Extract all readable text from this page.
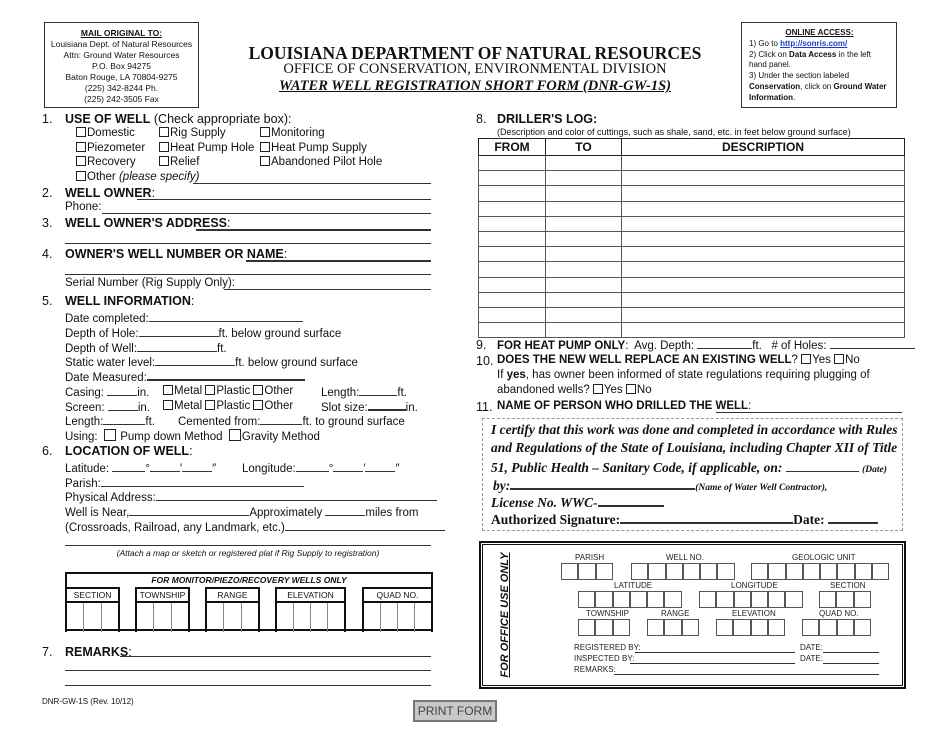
MAIL ORIGINAL TO:
Louisiana Dept. of Natural Resources
Attn: Ground Water Resources
P.O. Box 94275
Baton Rouge, LA 70804-9275
(225) 342-8244 Ph.
(225) 242-3505 Fax
LOUISIANA DEPARTMENT OF NATURAL RESOURCES
OFFICE OF CONSERVATION, ENVIRONMENTAL DIVISION
WATER WELL REGISTRATION SHORT FORM (DNR-GW-1S)
ONLINE ACCESS:
1) Go to http://sonris.com/
2) Click on Data Access in the left hand panel.
3) Under the section labeled Conservation, click on Ground Water Information.
1. USE OF WELL (Check appropriate box):
Domestic	Rig Supply	Monitoring
Piezometer	Heat Pump Hole	Heat Pump Supply
Recovery	Relief	Abandoned Pilot Hole
Other (please specify)
2. WELL OWNER:
Phone:
3. WELL OWNER'S ADDRESS:
4. OWNER'S WELL NUMBER OR NAME:
Serial Number (Rig Supply Only):
5. WELL INFORMATION:
Date completed:
Depth of Hole:	ft. below ground surface
Depth of Well:	ft.
Static water level:	ft. below ground surface
Date Measured:
Casing:	in.	Metal Plastic Other Length:	ft.
Screen:	in.	Metal Plastic Other Slot size:	in.
Length:	ft. Cemented from:	ft. to ground surface
Using: Pump down Method Gravity Method
6. LOCATION OF WELL:
Latitude:	°	′	″ Longitude:	°	′	″
Parish:
Physical Address:
Well is Near,	Approximately	miles from
(Crossroads, Railroad, any Landmark, etc.)
(Attach a map or sketch or registered plat if Rig Supply to registration)
FOR MONITOR/PIEZO/RECOVERY WELLS ONLY
SECTION	TOWNSHIP	RANGE	ELEVATION	QUAD NO.
7. REMARKS:
DNR-GW-1S (Rev. 10/12)
PRINT FORM
8. DRILLER'S LOG:
(Description and color of cuttings, such as shale, sand, etc. in feet below ground surface)
FROM	TO	DESCRIPTION

9. FOR HEAT PUMP ONLY:  Avg. Depth:	ft.   # of Holes:
10. DOES THE NEW WELL REPLACE AN EXISTING WELL? Yes No
If yes, has owner been informed of state regulations requiring plugging of
abandoned wells? Yes No
11. NAME OF PERSON WHO DRILLED THE WELL:
I certify that this work was done and completed in accordance with Rules
and Regulations of the State of Louisiana, including Chapter XII of Title
51, Public Health – Sanitary Code, if applicable, on:	(Date)
by:	(Name of Water Well Contractor),
License No. WWC-
Authorized Signature:	Date:
FOR OFFICE USE ONLY	PARISH	WELL NO.	GEOLOGIC UNIT
LATITUDE	LONGITUDE	SECTION
TOWNSHIP	RANGE	ELEVATION	QUAD NO.
REGISTERED BY:	DATE:
INSPECTED BY:	DATE:
REMARKS:
